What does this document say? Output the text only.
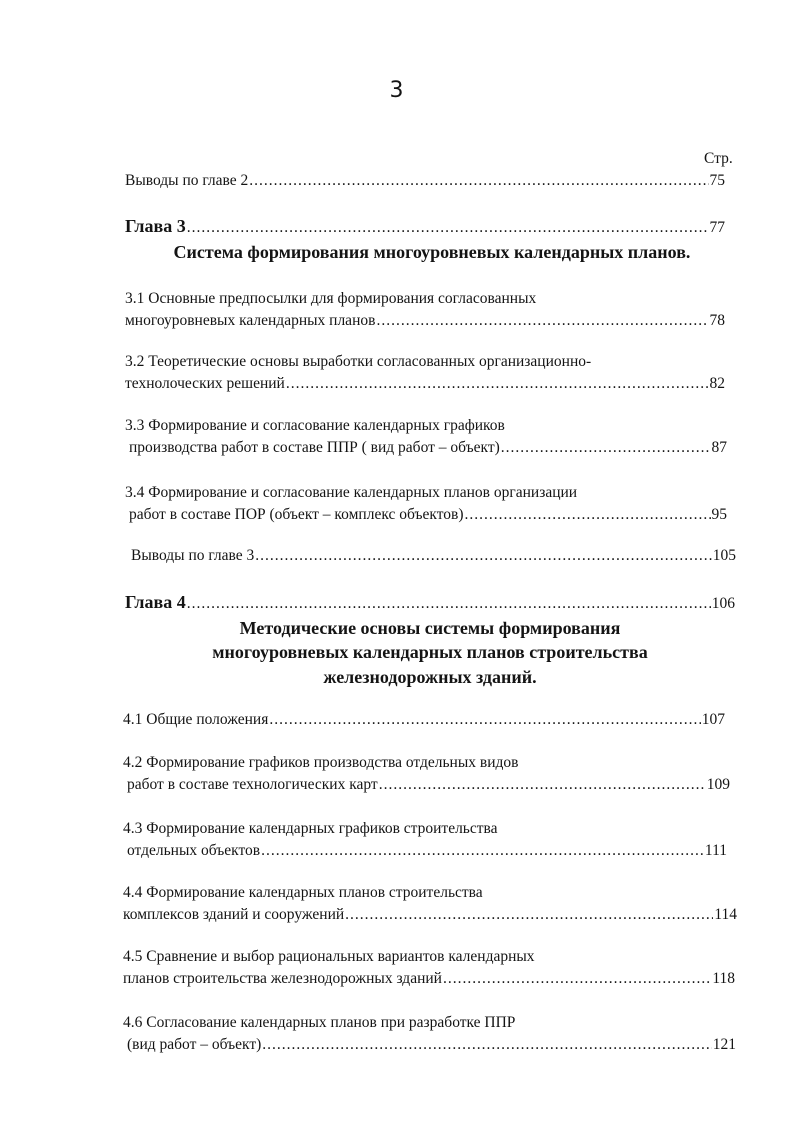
3
Стр.
Выводы по главе 2 .....	75
Глава 3 .....	77
Система формирования многоуровневых календарных планов.
3.1 Основные предпосылки для формирования согласованных
многоуровневых календарных планов .....	78
3.2 Теоретические основы выработки согласованных организационно-
технолоческих решений .....	82
3.3 Формирование и согласование календарных графиков
производства работ в составе ППР ( вид работ – объект) .....	87
3.4 Формирование и согласование календарных планов организации
работ в составе ПОР (объект – комплекс объектов) .....	95
Выводы по главе 3 .....	105
Глава 4 .....	106
Методические основы системы формирования
многоуровневых календарных планов строительства
железнодорожных зданий.
4.1 Общие положения .....	107
4.2 Формирование графиков производства отдельных видов
работ в составе технологических карт .....	109
4.3 Формирование календарных графиков строительства
отдельных объектов .....	111
4.4 Формирование календарных планов строительства
комплексов зданий и сооружений .....	114
4.5 Сравнение и выбор рациональных вариантов календарных
планов строительства железнодорожных зданий .....	118
4.6 Согласование календарных планов при разработке ППР
(вид работ – объект) .....	121
